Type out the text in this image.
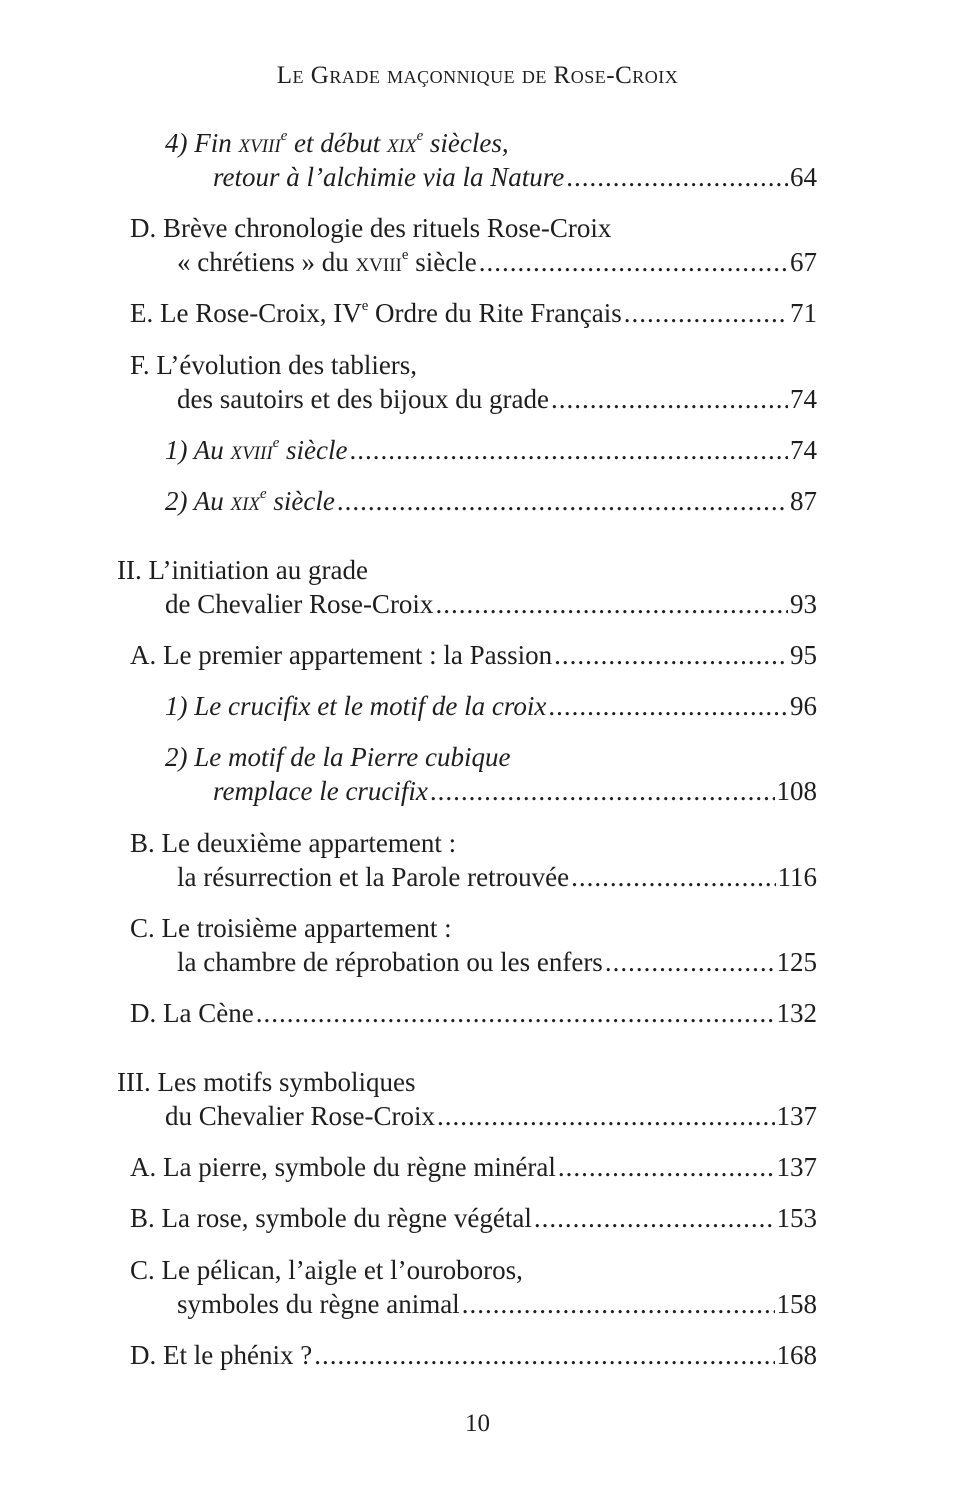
Le Grade maçonnique de Rose-Croix
4) Fin xviii$^e$ et début xix$^e$ siècles,
retour à l’alchimie via la Nature .....	64
D. Brève chronologie des rituels Rose-Croix
« chrétiens » du xviii$^e$ siècle .....	67
E. Le Rose-Croix, IVe Ordre du Rite Français .....	71
F. L’évolution des tabliers,
des sautoirs et des bijoux du grade .....	74
1) Au xviii$^e$ siècle .....	74
2) Au xix$^e$ siècle .....	87
II. L’initiation au grade
de Chevalier Rose-Croix .....	93
A. Le premier appartement : la Passion .....	95
1) Le crucifix et le motif de la croix .....	96
2) Le motif de la Pierre cubique
remplace le crucifix .....	108
B. Le deuxième appartement :
la résurrection et la Parole retrouvée .....	116
C. Le troisième appartement :
la chambre de réprobation ou les enfers .....	125
D. La Cène .....	132
III. Les motifs symboliques
du Chevalier Rose-Croix .....	137
A. La pierre, symbole du règne minéral .....	137
B. La rose, symbole du règne végétal .....	153
C. Le pélican, l’aigle et l’ouroboros,
symboles du règne animal .....	158
D. Et le phénix ? .....	168
10
